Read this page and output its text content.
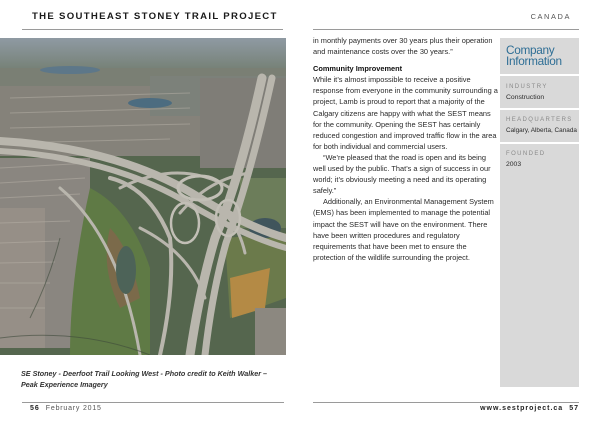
THE SOUTHEAST STONEY TRAIL PROJECT	CANADA
SE Stoney - Deerfoot Trail Looking West - Photo credit to Keith Walker – Peak Experience Imagery

in monthly payments over 30 years plus their operation and maintenance costs over the 30 years.”

Community Improvement

While it’s almost impossible to receive a positive response from everyone in the community surrounding a project, Lamb is proud to report that a majority of the Calgary citizens are happy with what the SEST means for the community. Opening the SEST has certainly reduced congestion and improved traffic flow in the area for both individual and commercial users.

“We’re pleased that the road is open and its being well used by the public. That’s a sign of success in our world; it’s obviously meeting a need and its operating safely.”

Additionally, an Environmental Management System (EMS) has been implemented to manage the potential impact the SEST will have on the environment. There have been written procedures and regulatory requirements that have been met to ensure the protection of the wildlife surrounding the project.

Company Information
INDUSTRY
Construction
HEADQUARTERS
Calgary, Alberta, Canada
FOUNDED
2003
56 February 2015	www.sestproject.ca 57
